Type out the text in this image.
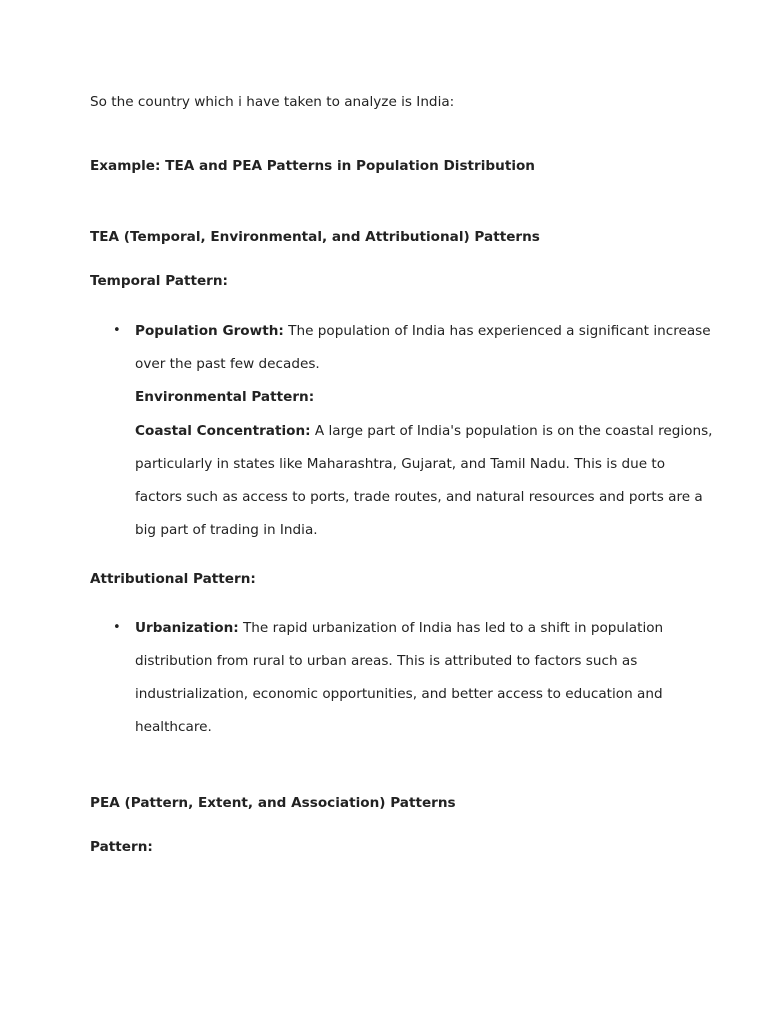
So the country which i have taken to analyze is India:
Example: TEA and PEA Patterns in Population Distribution
TEA (Temporal, Environmental, and Attributional) Patterns
Temporal Pattern:
• Population Growth: The population of India has experienced a significant increase
over the past few decades.
Environmental Pattern:
Coastal Concentration: A large part of India's population is on the coastal regions,
particularly in states like Maharashtra, Gujarat, and Tamil Nadu. This is due to
factors such as access to ports, trade routes, and natural resources and ports are a
big part of trading in India.
Attributional Pattern:
• Urbanization: The rapid urbanization of India has led to a shift in population
distribution from rural to urban areas. This is attributed to factors such as
industrialization, economic opportunities, and better access to education and
healthcare.
PEA (Pattern, Extent, and Association) Patterns
Pattern:
